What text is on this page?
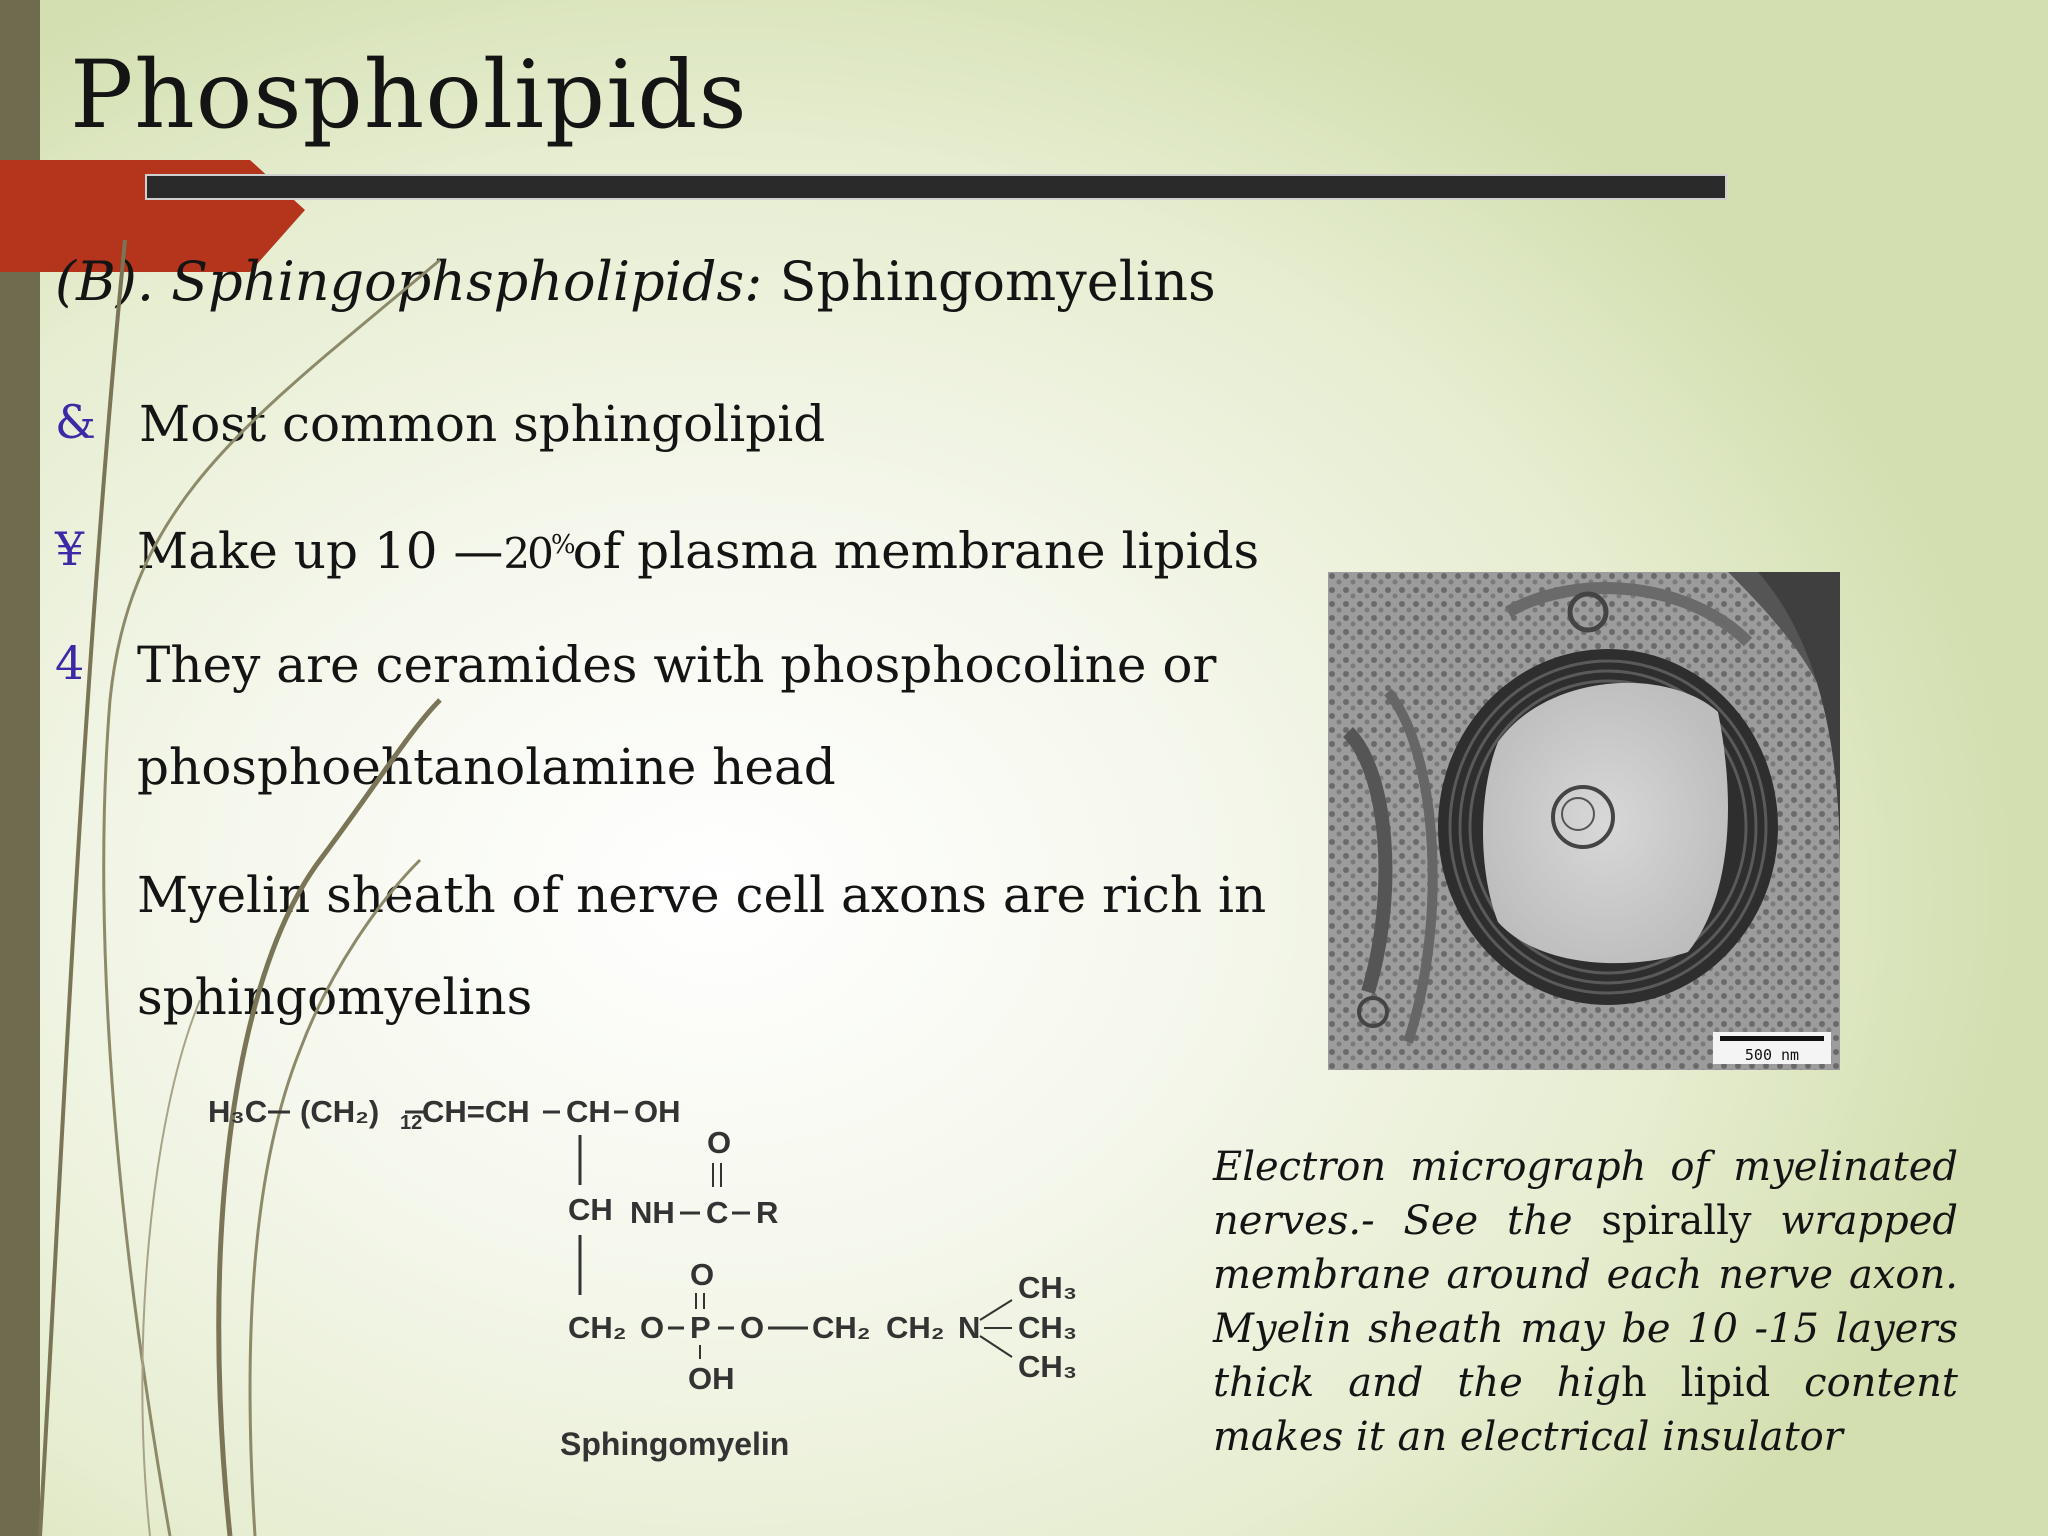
Phospholipids
(B). Sphingophspholipids: Sphingomyelins
& Most common sphingolipid
¥ Make up 10 —20%of plasma membrane lipids
4 They are ceramides with phosphocoline or
phosphoehtanolamine head
Myelin sheath of nerve cell axons are rich in
sphingomyelins
500 nm
Electron micrograph of myelinated nerves.- See the spirally wrapped membrane around each nerve axon. Myelin sheath may be 10 -15 layers thick and the high lipid content makes it an electrical insulator
H₃C (CH₂) 12 CH=CH CH OH
CH NH C R
O
CH₂ O P
O
O CH₂ CH₂ N
CH₃
CH₃
CH₃
OH
Sphingomyelin
